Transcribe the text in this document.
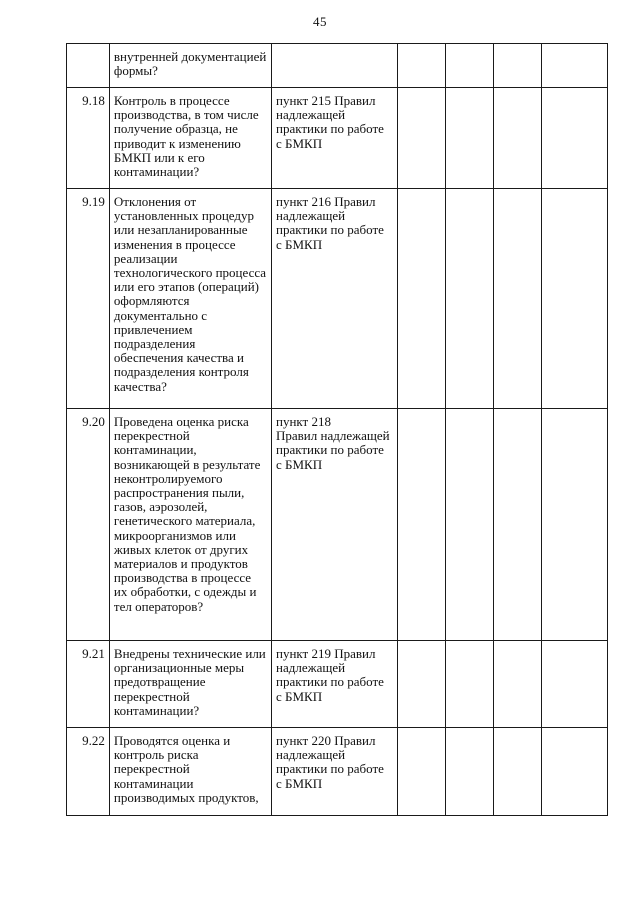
45
	внутренней документацией формы?					
9.18	Контроль в процессе производства, в том числе получение образца, не приводит к изменению БМКП или к его контаминации?	пункт 215 Правил надлежащей практики по работе с БМКП				
9.19	Отклонения от установленных процедур или незапланированные изменения в процессе реализации технологического процесса или его этапов (операций) оформляются документально с привлечением подразделения обеспечения качества и подразделения контроля качества?	пункт 216 Правил надлежащей практики по работе с БМКП				
9.20	Проведена оценка риска перекрестной контаминации, возникающей в результате неконтролируемого распространения пыли, газов, аэрозолей, генетического материала, микроорганизмов или живых клеток от других материалов и продуктов производства в процессе их обработки, с одежды и тел операторов?	пункт 218
Правил надлежащей практики по работе с БМКП				

9.21	Внедрены технические или организационные меры предотвращение перекрестной контаминации?	пункт 219 Правил надлежащей практики по работе с БМКП				
9.22	Проводятся оценка и контроль риска перекрестной контаминации производимых продуктов,	пункт 220 Правил надлежащей практики по работе с БМКП				
